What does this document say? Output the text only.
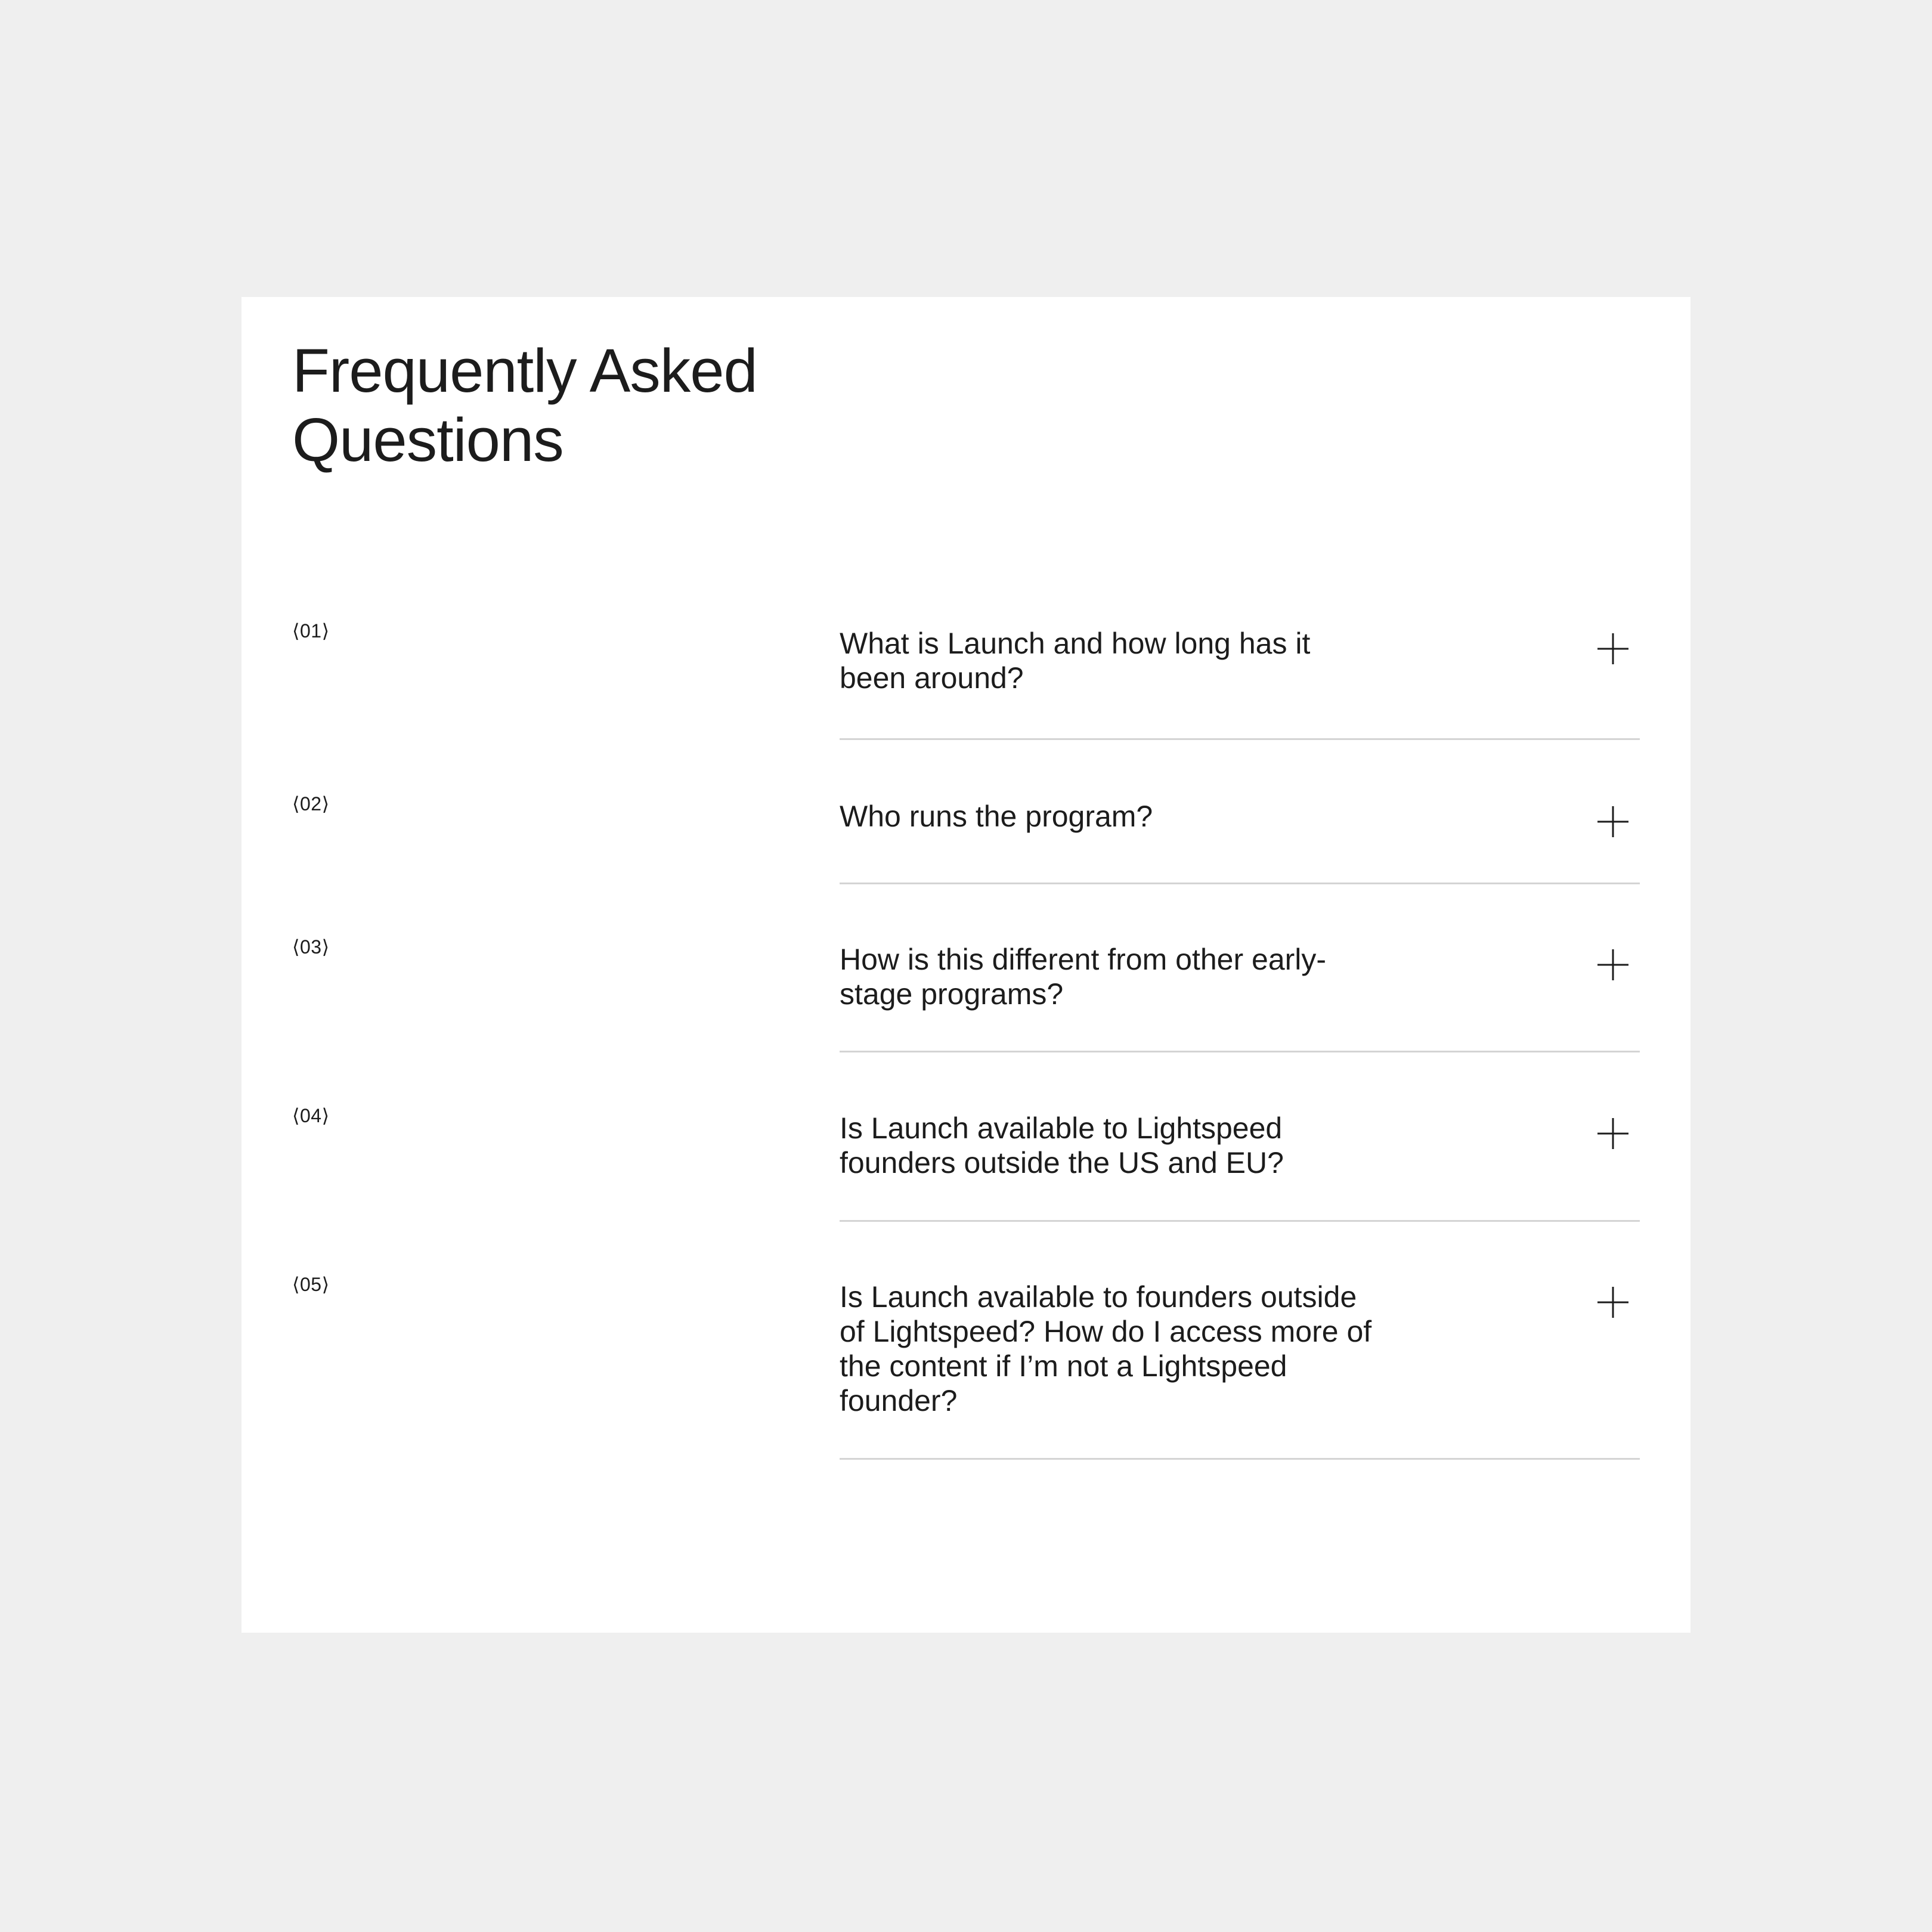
Frequently Asked Questions
⟨01⟩	What is Launch and how long has it been around?

⟨02⟩	Who runs the program?

⟨03⟩	How is this different from other early-stage programs?

⟨04⟩	Is Launch available to Lightspeed founders outside the US and EU?

⟨05⟩	Is Launch available to founders outside of Lightspeed? How do I access more of the content if I’m not a Lightspeed founder?
